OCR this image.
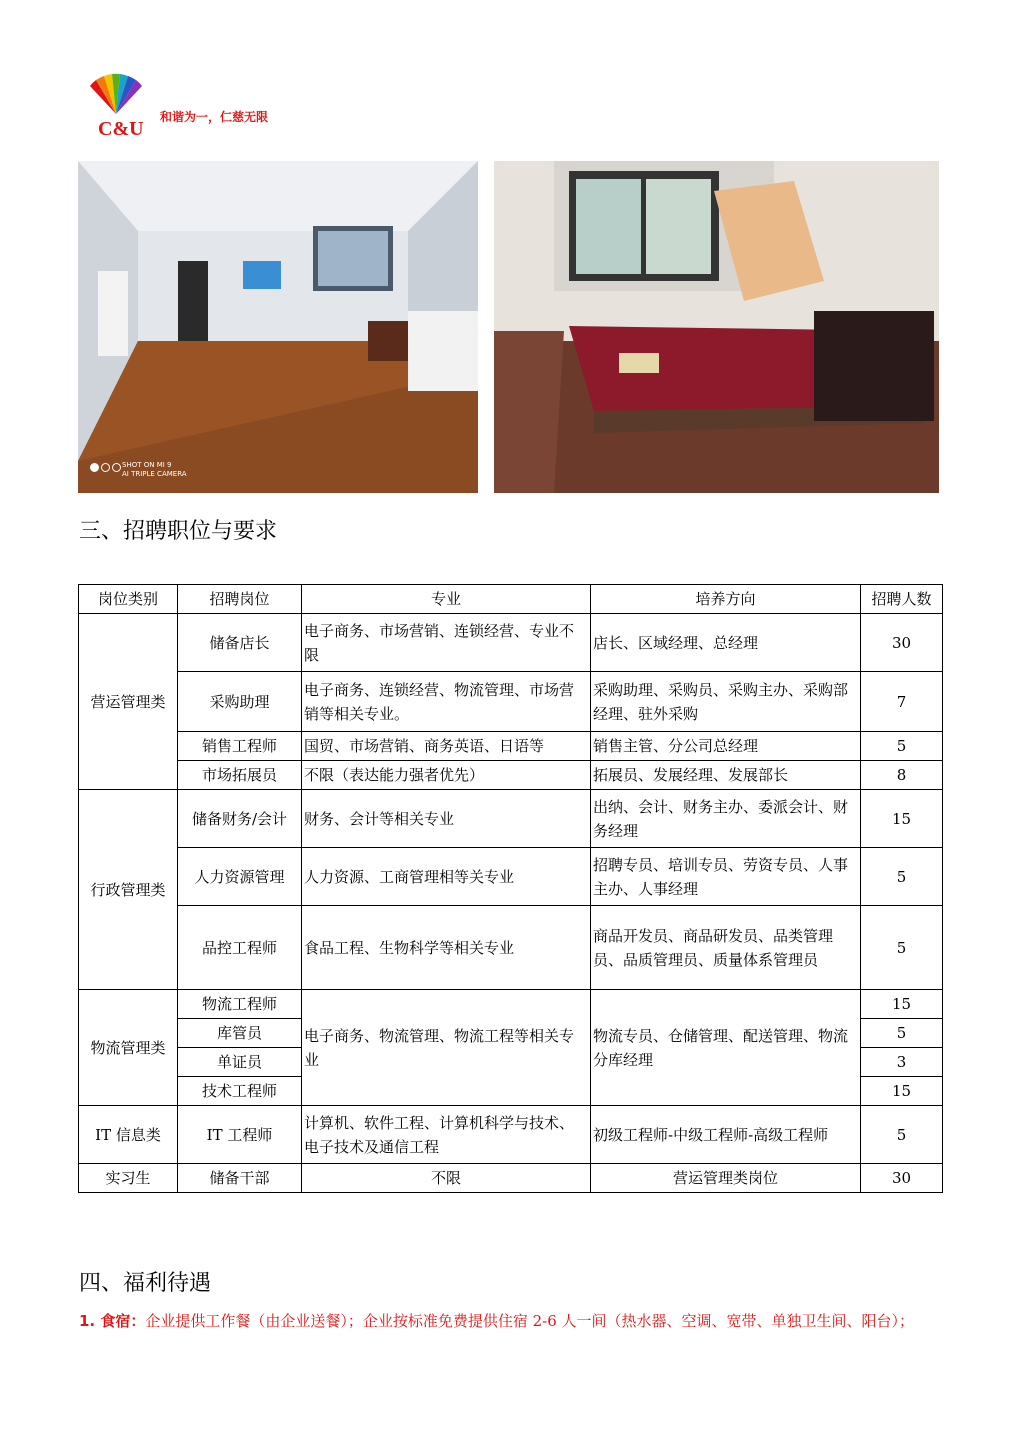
C&U
和谐为一，仁慈无限
SHOT ON MI 9
AI TRIPLE CAMERA
三、招聘职位与要求
岗位类别	招聘岗位	专业	培养方向	招聘人数
营运管理类	储备店长	电子商务、市场营销、连锁经营、专业不限	店长、区域经理、总经理	30
	采购助理	电子商务、连锁经营、物流管理、市场营销等相关专业。	采购助理、采购员、采购主办、采购部经理、驻外采购	7
	销售工程师	国贸、市场营销、商务英语、日语等	销售主管、分公司总经理	5
	市场拓展员	不限（表达能力强者优先）	拓展员、发展经理、发展部长	8
行政管理类	储备财务/会计	财务、会计等相关专业	出纳、会计、财务主办、委派会计、财务经理	15
	人力资源管理	人力资源、工商管理相等关专业	招聘专员、培训专员、劳资专员、人事主办、人事经理	5
	品控工程师	食品工程、生物科学等相关专业	商品开发员、商品研发员、品类管理员、品质管理员、质量体系管理员	5
物流管理类	物流工程师	电子商务、物流管理、物流工程等相关专业	物流专员、仓储管理、配送管理、物流分库经理	15
	库管员			5
	单证员			3
	技术工程师			15
IT 信息类	IT 工程师	计算机、软件工程、计算机科学与技术、电子技术及通信工程	初级工程师-中级工程师-高级工程师	5
实习生	储备干部	不限	营运管理类岗位	30
四、福利待遇
1. 食宿：企业提供工作餐（由企业送餐）；企业按标准免费提供住宿 2-6 人一间（热水器、空调、宽带、单独卫生间、阳台）；
